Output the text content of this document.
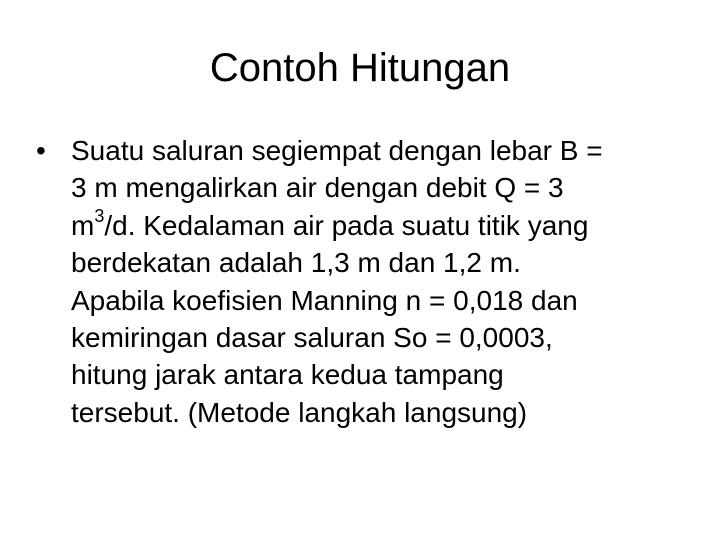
Contoh Hitungan
• Suatu saluran segiempat dengan lebar B =
3 m mengalirkan air dengan debit Q = 3
$m^3/d$. Kedalaman air pada suatu titik yang
berdekatan adalah 1,3 m dan 1,2 m.
Apabila koefisien Manning n = 0,018 dan
kemiringan dasar saluran So = 0,0003,
hitung jarak antara kedua tampang
tersebut. (Metode langkah langsung)
